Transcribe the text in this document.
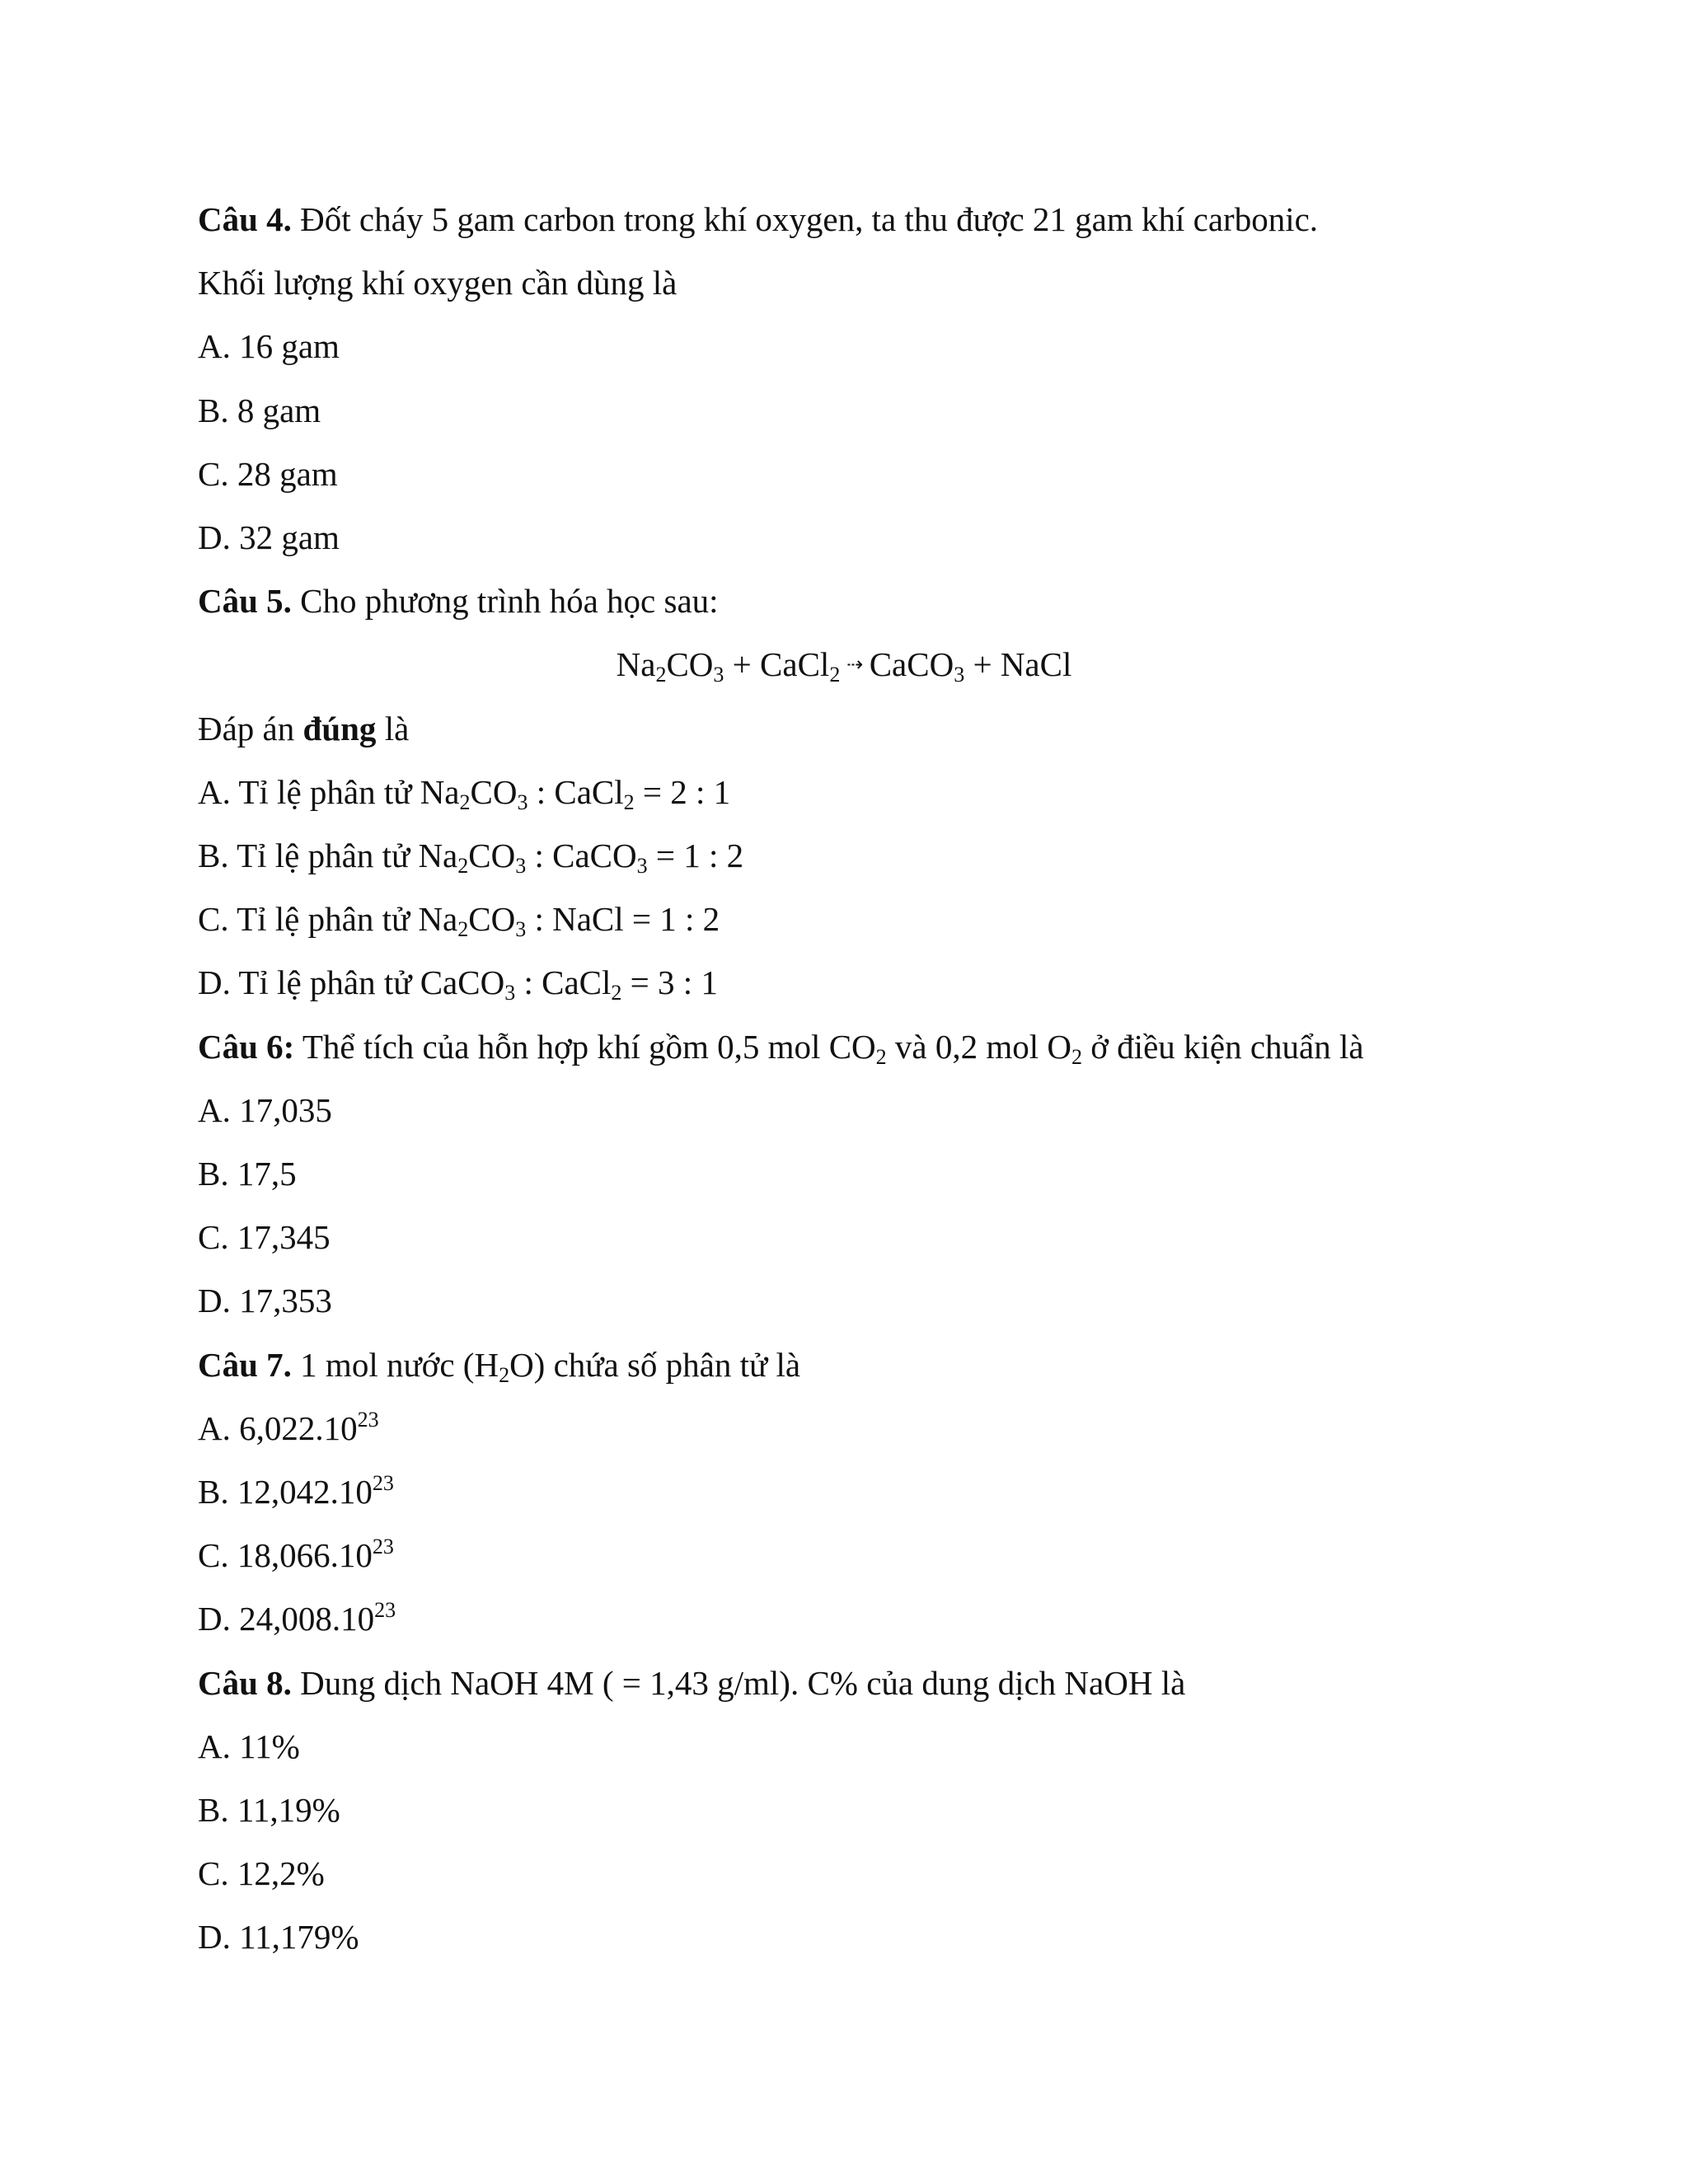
Câu 4. Đốt cháy 5 gam carbon trong khí oxygen, ta thu được 21 gam khí carbonic.
Khối lượng khí oxygen cần dùng là
A. 16 gam
B. 8 gam
C. 28 gam
D. 32 gam
Câu 5. Cho phương trình hóa học sau:
$Na_2CO_3$ + CaCl$_2$ ⇢ CaCO$_3$ + NaCl
Đáp án đúng là
A. Tỉ lệ phân tử $Na_2CO_3$ : CaCl$_2$ = 2 : 1
B. Tỉ lệ phân tử $Na_2CO_3$ : CaCO$_3$ = 1 : 2
C. Tỉ lệ phân tử $Na_2CO_3$ : NaCl = 1 : 2
D. Tỉ lệ phân tử CaCO$_3$ : CaCl$_2$ = 3 : 1
Câu 6: Thể tích của hỗn hợp khí gồm 0,5 mol $CO_2$ và 0,2 mol $O_2$ ở điều kiện chuẩn là
A. 17,035
B. 17,5
C. 17,345
D. 17,353
Câu 7. 1 mol nước $(H_2O)$ chứa số phân tử là
A. 6,022.10$^{23}$
B. 12,042.10$^{23}$
C. 18,066.10$^{23}$
D. 24,008.10$^{23}$
Câu 8. Dung dịch NaOH 4M ( = 1,43 g/ml). C% của dung dịch NaOH là
A. 11%
B. 11,19%
C. 12,2%
D. 11,179%
